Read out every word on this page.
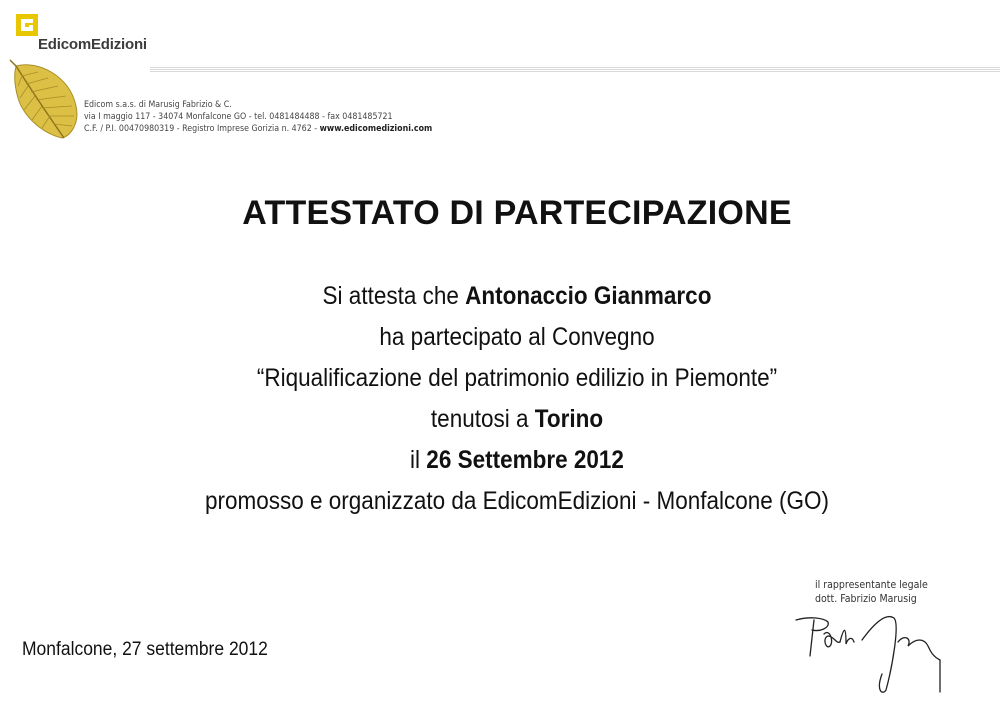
EdicomEdizioni
Edicom s.a.s. di Marusig Fabrizio & C.
via I maggio 117 - 34074 Monfalcone GO - tel. 0481484488 - fax 0481485721
C.F. / P.I. 00470980319 - Registro Imprese Gorizia n. 4762 - www.edicomedizioni.com
ATTESTATO DI PARTECIPAZIONE
Si attesta che Antonaccio Gianmarco
ha partecipato al Convegno
“Riqualificazione del patrimonio edilizio in Piemonte”
tenutosi a Torino
il 26 Settembre 2012
promosso e organizzato da EdicomEdizioni - Monfalcone (GO)
il rappresentante legale
dott. Fabrizio Marusig
Monfalcone, 27 settembre 2012
